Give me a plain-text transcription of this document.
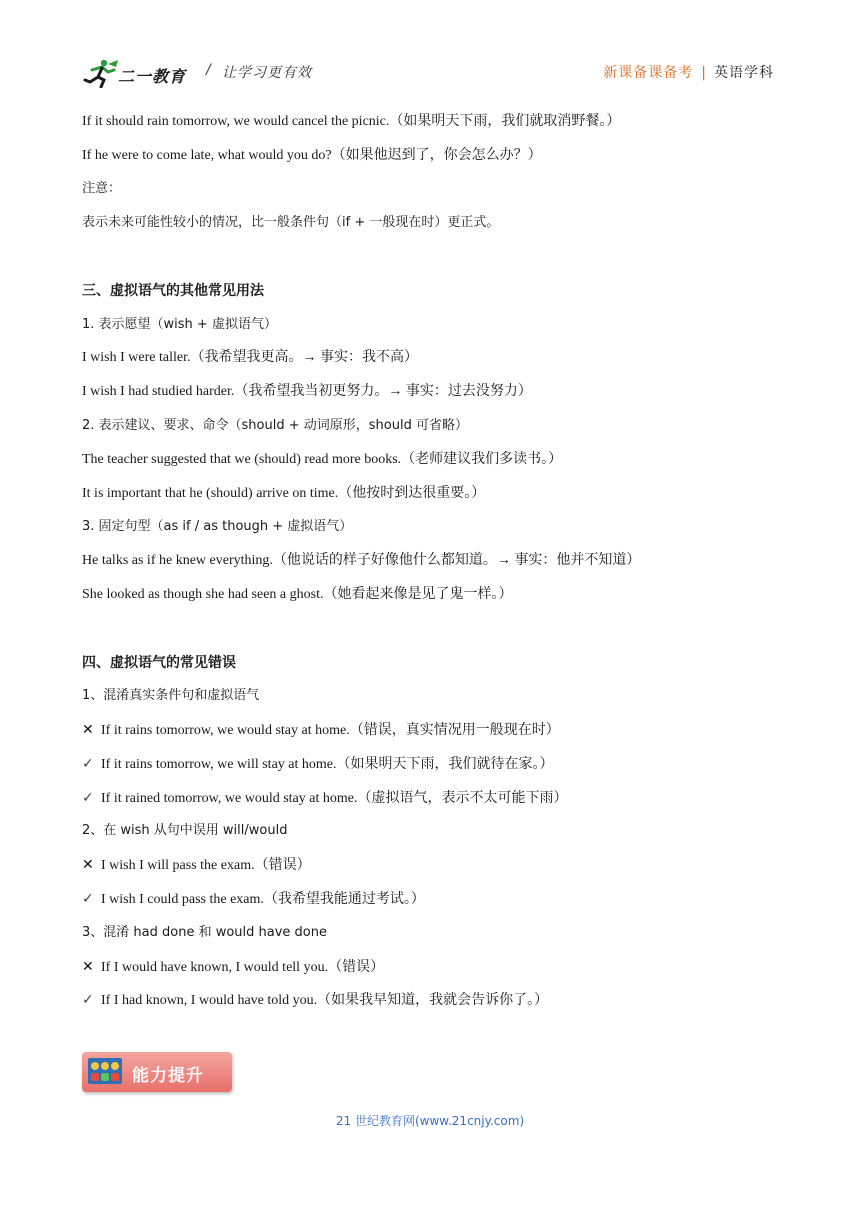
二一教育 / 让学习更有效	新课备课备考 | 英语学科
If it should rain tomorrow, we would cancel the picnic.（如果明天下雨，我们就取消野餐。）
If he were to come late, what would you do?（如果他迟到了，你会怎么办？）
注意：
表示未来可能性较小的情况，比一般条件句（if + 一般现在时）更正式。
三、虚拟语气的其他常见用法
1. 表示愿望（wish + 虚拟语气）
I wish I were taller.（我希望我更高。→ 事实：我不高）
I wish I had studied harder.（我希望我当初更努力。→ 事实：过去没努力）
2. 表示建议、要求、命令（should + 动词原形，should 可省略）
The teacher suggested that we (should) read more books.（老师建议我们多读书。）
It is important that he (should) arrive on time.（他按时到达很重要。）
3. 固定句型（as if / as though + 虚拟语气）
He talks as if he knew everything.（他说话的样子好像他什么都知道。→ 事实：他并不知道）
She looked as though she had seen a ghost.（她看起来像是见了鬼一样。）
四、虚拟语气的常见错误
1、混淆真实条件句和虚拟语气
✕ If it rains tomorrow, we would stay at home.（错误，真实情况用一般现在时）
✓ If it rains tomorrow, we will stay at home.（如果明天下雨，我们就待在家。）
✓ If it rained tomorrow, we would stay at home.（虚拟语气，表示不太可能下雨）
2、在 wish 从句中误用 will/would
✕ I wish I will pass the exam.（错误）
✓ I wish I could pass the exam.（我希望我能通过考试。）
3、混淆 had done 和 would have done
✕ If I would have known, I would tell you.（错误）
✓ If I had known, I would have told you.（如果我早知道，我就会告诉你了。）
能力提升
21 世纪教育网(www.21cnjy.com)
